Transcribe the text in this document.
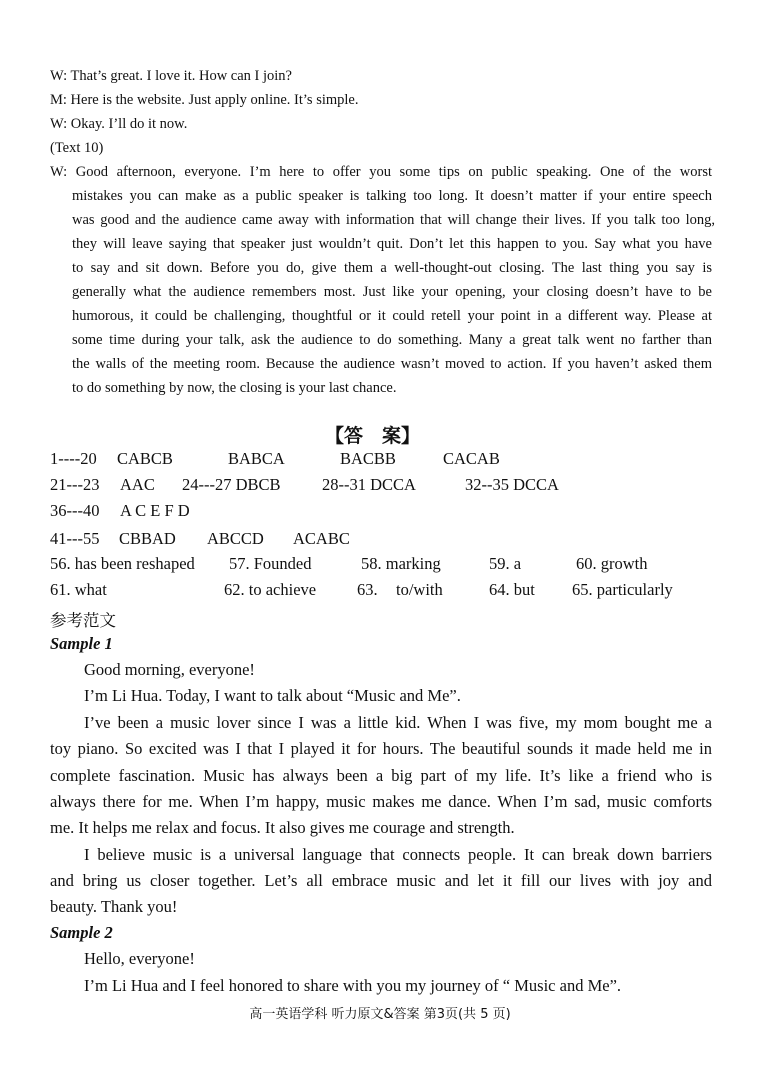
W: That’s great. I love it. How can I join?
M: Here is the website. Just apply online. It’s simple.
W: Okay. I’ll do it now.
(Text 10)
W: Good afternoon, everyone. I’m here to offer you some tips on public speaking. One of the worst
mistakes you can make as a public speaker is talking too long. It doesn’t matter if your entire speech
was good and the audience came away with information that will change their lives. If you talk too long,
they will leave saying that speaker just wouldn’t quit. Don’t let this happen to you. Say what you have
to say and sit down. Before you do, give them a well-thought-out closing. The last thing you say is
generally what the audience remembers most. Just like your opening, your closing doesn’t have to be
humorous, it could be challenging, thoughtful or it could retell your point in a different way. Please at
some time during your talk, ask the audience to do something. Many a great talk went no farther than
the walls of the meeting room. Because the audience wasn’t moved to action. If you haven’t asked them
to do something by now, the closing is your last chance.
【答　案】
1----20 CABCB	BABCA	BACBB	CACAB
21---23 AAC 24---27 DBCB	28--31 DCCA	32--35 DCCA
36---40 A C E F D
41---55 CBBAD ABCCD ACABC
56. has been reshaped 57. Founded	58. marking	59. a	60. growth
61. what	62. to achieve 63. to/with	64. but 65. particularly
参考范文
Sample 1
Good morning, everyone!
I’m Li Hua. Today, I want to talk about “Music and Me”.
I’ve been a music lover since I was a little kid. When I was five, my mom bought me a
toy piano. So excited was I that I played it for hours. The beautiful sounds it made held me in
complete fascination. Music has always been a big part of my life. It’s like a friend who is
always there for me. When I’m happy, music makes me dance. When I’m sad, music comforts
me. It helps me relax and focus. It also gives me courage and strength.
I believe music is a universal language that connects people. It can break down barriers
and bring us closer together. Let’s all embrace music and let it fill our lives with joy and
beauty. Thank you!
Sample 2
Hello, everyone!
I’m Li Hua and I feel honored to share with you my journey of “ Music and Me”.
高一英语学科 听力原文&答案 第3页(共 5 页)
